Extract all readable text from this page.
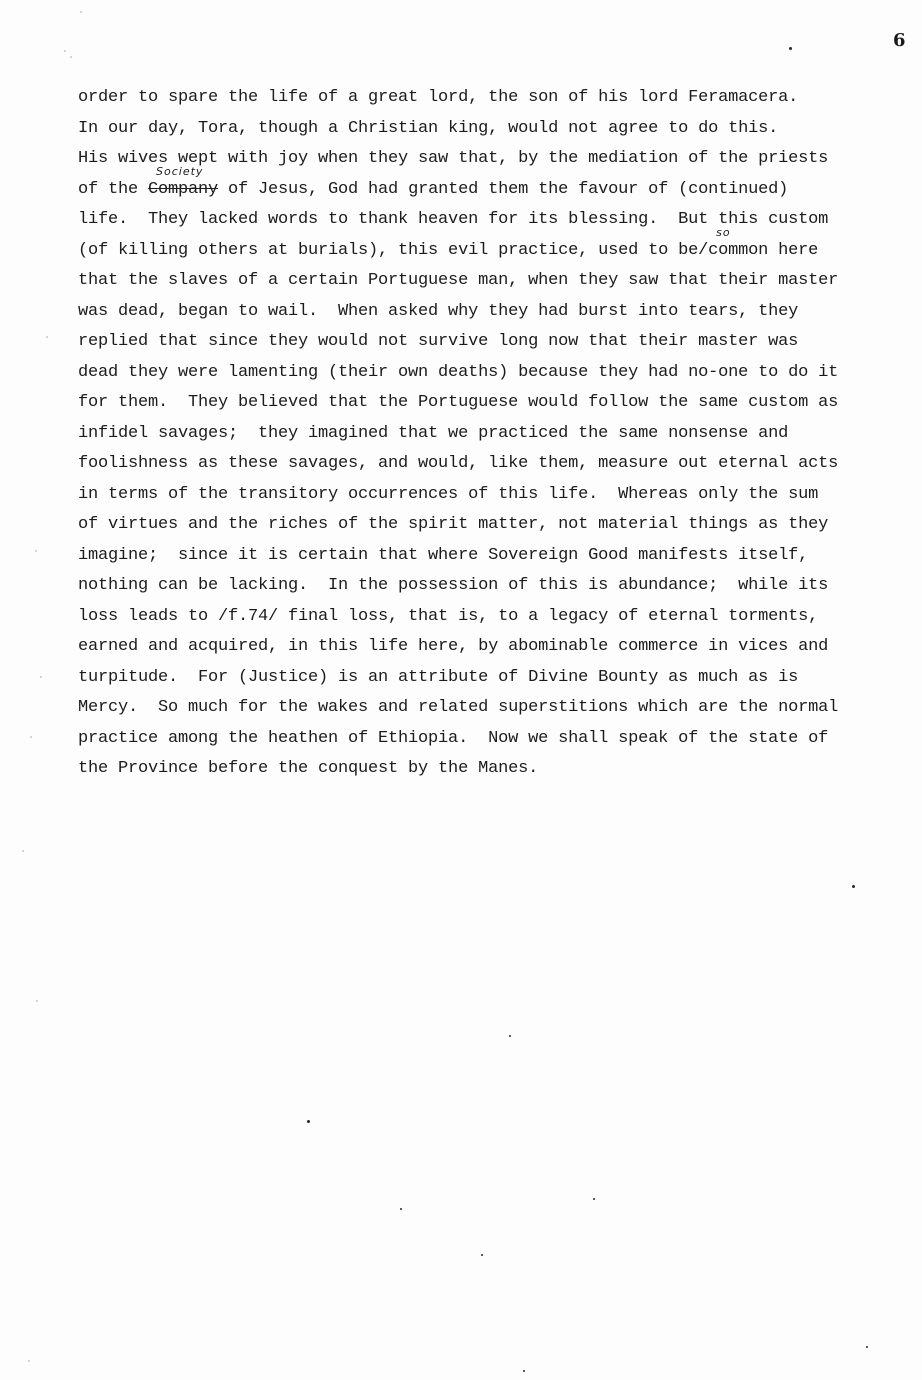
6
order to spare the life of a great lord, the son of his lord Feramacera.
In our day, Tora, though a Christian king, would not agree to do this.
His wives wept with joy when they saw that, by the mediation of the priests
of the
Society
Company of Jesus, God had granted them the favour of (continued)
life.  They lacked words to thank heaven for its blessing.  But this custom
(of killing others at burials), this evil practice, used to be/
so
common here
that the slaves of a certain Portuguese man, when they saw that their master
was dead, began to wail.  When asked why they had burst into tears, they
replied that since they would not survive long now that their master was
dead they were lamenting (their own deaths) because they had no-one to do it
for them.  They believed that the Portuguese would follow the same custom as
infidel savages;  they imagined that we practiced the same nonsense and
foolishness as these savages, and would, like them, measure out eternal acts
in terms of the transitory occurrences of this life.  Whereas only the sum
of virtues and the riches of the spirit matter, not material things as they
imagine;  since it is certain that where Sovereign Good manifests itself,
nothing can be lacking.  In the possession of this is abundance;  while its
loss leads to /f.74/ final loss, that is, to a legacy of eternal torments,
earned and acquired, in this life here, by abominable commerce in vices and
turpitude.  For (Justice) is an attribute of Divine Bounty as much as is
Mercy.  So much for the wakes and related superstitions which are the normal
practice among the heathen of Ethiopia.  Now we shall speak of the state of
the Province before the conquest by the Manes.
